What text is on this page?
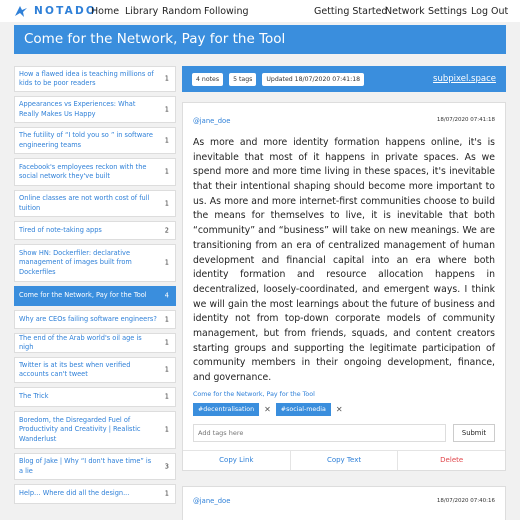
NOTADO
Home Library Random Following	Getting Started
Network Settings Log Out
Come for the Network, Pay for the Tool
How a flawed idea is teaching millions of kids to be poor readers
1
Appearances vs Experiences: What Really Makes Us Happy
1
The futility of “I told you so ” in software engineering teams
1
Facebook's employees reckon with the social network they've built
1
Online classes are not worth cost of full tuition
1
Tired of note-taking apps	2
Show HN: Dockerfiler: declarative management of images built from Dockerfiles
1
Come for the Network, Pay for the Tool	4
Why are CEOs failing software engineers? 1
The end of the Arab world's oil age is nigh
1
Twitter is at its best when verified accounts can't tweet
1
The Trick	1
Boredom, the Disregarded Fuel of Productivity and Creativity | Realistic Wanderlust
1
Blog of Jake | Why “I don't have time” is a lie
3
Help… Where did all the design...	1
4 notes	5 tags	Updated 18/07/2020 07:41:18	subpixel.space
@jane_doe	18/07/2020 07:41:18

As more and more identity formation happens online, it's is inevitable that most of it happens in private spaces. As we spend more and more time living in these spaces, it's inevitable that their intentional shaping should become more important to us. As more and more internet-first communities choose to build the means for themselves to live, it is inevitable that both “community” and “business” will take on new meanings. We are transitioning from an era of centralized management of human development and financial capital into an era where both identity formation and resource allocation happens in decentralized, loosely-coordinated, and emergent ways. I think we will gain the most learnings about the future of business and identity not from top-down corporate models of community management, but from friends, squads, and content creators starting groups and supporting the legitimate participation of community members in their ongoing development, finance, and governance.

Come for the Network, Pay for the Tool
#decentralisation	✕	#social-media	✕
Add tags here
Submit
Copy Link	Copy Text	Delete
@jane_doe	18/07/2020 07:40:16
